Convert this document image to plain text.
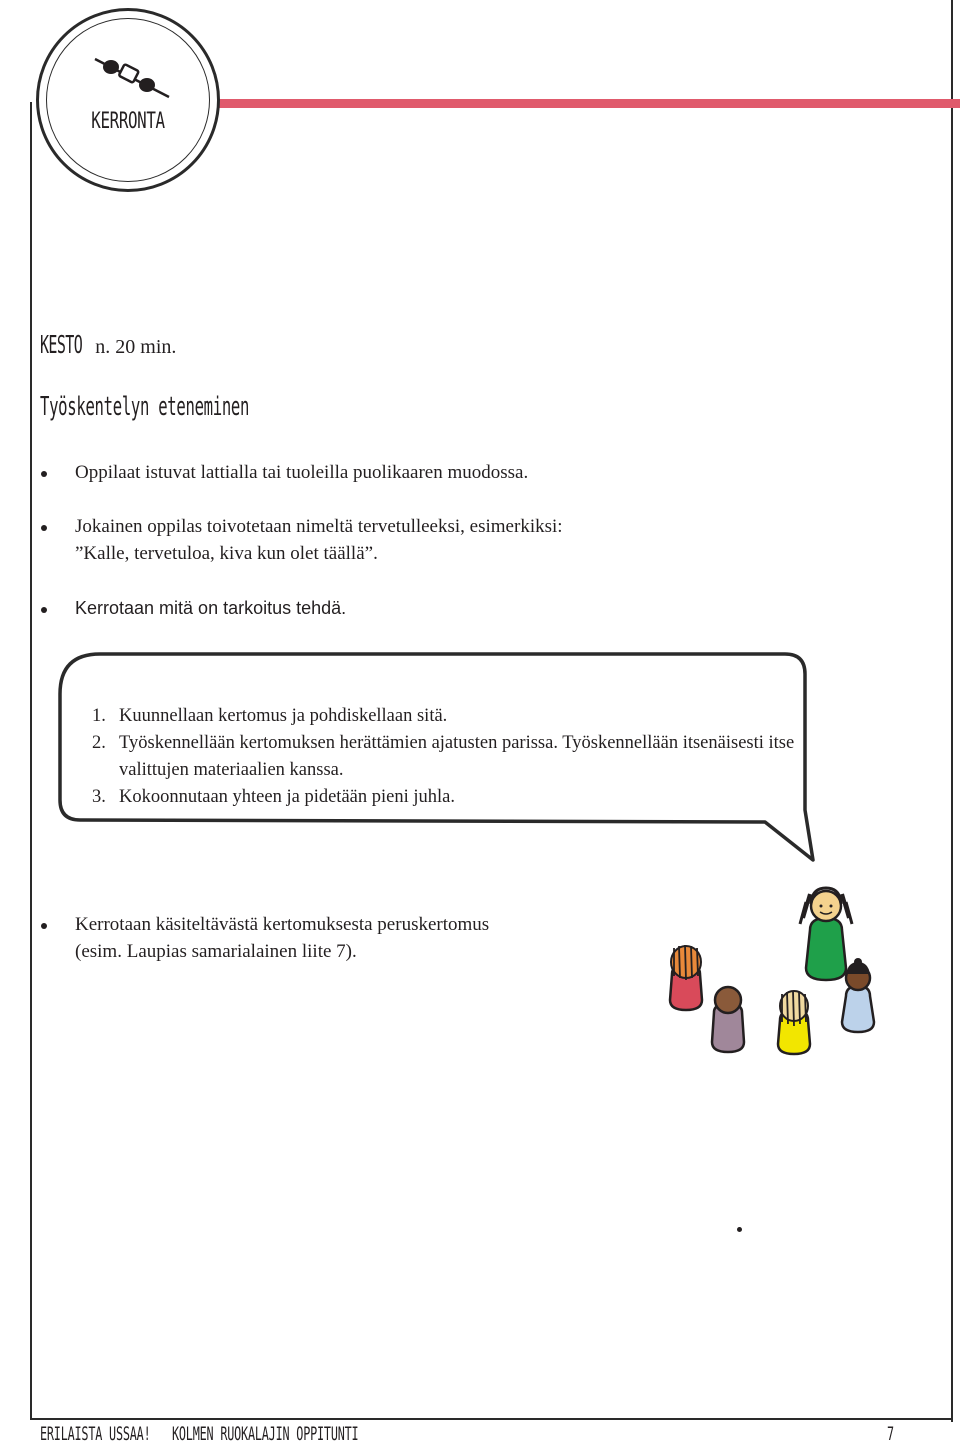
KERRONTA
KESTO n. 20 min.
Työskentelyn eteneminen
Oppilaat istuvat lattialla tai tuoleilla puolikaaren muodossa.
Jokainen oppilas toivotetaan nimeltä tervetulleeksi, esimerkiksi:
”Kalle, tervetuloa, kiva kun olet täällä”.
Kerrotaan mitä on tarkoitus tehdä.
1. Kuunnellaan kertomus ja pohdiskellaan sitä.
2. Työskennellään kertomuksen herättämien ajatusten parissa. Työskennellään itsenäisesti itse valittujen materiaalien kanssa.
3. Kokoonnutaan yhteen ja pidetään pieni juhla.
Kerrotaan käsiteltävästä kertomuksesta peruskertomus
(esim. Laupias samarialainen liite 7).
ERILAISTA USSAA! KOLMEN RUOKALAJIN OPPITUNTI	7
